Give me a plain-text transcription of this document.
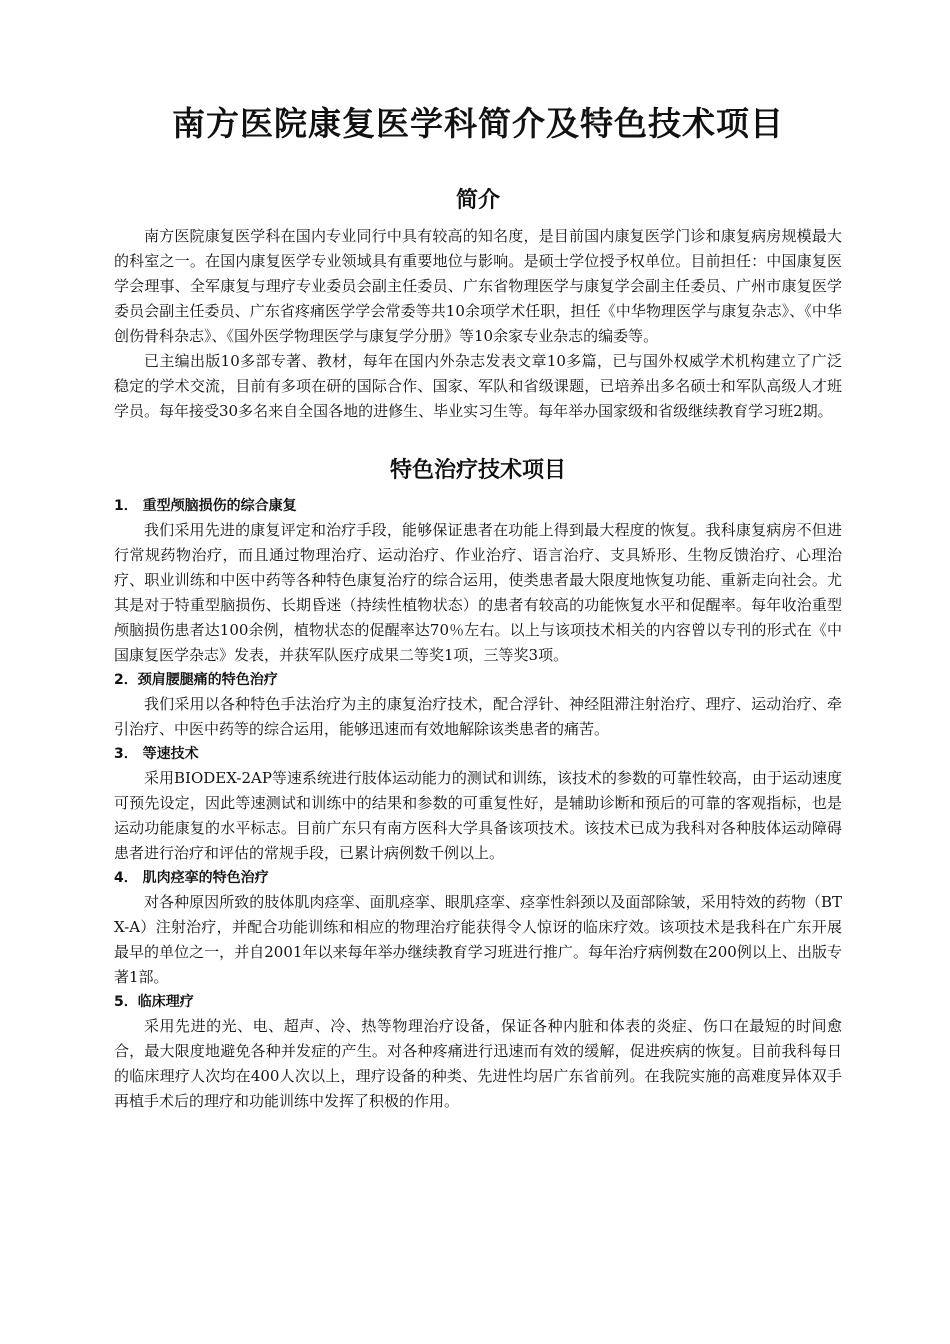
南方医院康复医学科简介及特色技术项目
简介

南方医院康复医学科在国内专业同行中具有较高的知名度，是目前国内康复医学门诊和康复病房规模最大的科室之一。在国内康复医学专业领域具有重要地位与影响。是硕士学位授予权单位。目前担任：中国康复医学会理事、全军康复与理疗专业委员会副主任委员、广东省物理医学与康复学会副主任委员、广州市康复医学委员会副主任委员、广东省疼痛医学学会常委等共10余项学术任职，担任《中华物理医学与康复杂志》、《中华创伤骨科杂志》、《国外医学物理医学与康复学分册》等10余家专业杂志的编委等。

已主编出版10多部专著、教材，每年在国内外杂志发表文章10多篇，已与国外权威学术机构建立了广泛稳定的学术交流，目前有多项在研的国际合作、国家、军队和省级课题，已培养出多名硕士和军队高级人才班学员。每年接受30多名来自全国各地的进修生、毕业实习生等。每年举办国家级和省级继续教育学习班2期。

特色治疗技术项目

1． 重型颅脑损伤的综合康复

我们采用先进的康复评定和治疗手段，能够保证患者在功能上得到最大程度的恢复。我科康复病房不但进行常规药物治疗，而且通过物理治疗、运动治疗、作业治疗、语言治疗、支具矫形、生物反馈治疗、心理治疗、职业训练和中医中药等各种特色康复治疗的综合运用，使类患者最大限度地恢复功能、重新走向社会。尤其是对于特重型脑损伤、长期昏迷（持续性植物状态）的患者有较高的功能恢复水平和促醒率。每年收治重型颅脑损伤患者达100余例，植物状态的促醒率达70％左右。以上与该项技术相关的内容曾以专刊的形式在《中国康复医学杂志》发表，并获军队医疗成果二等奖1项，三等奖3项。

2．颈肩腰腿痛的特色治疗

我们采用以各种特色手法治疗为主的康复治疗技术，配合浮针、神经阻滞注射治疗、理疗、运动治疗、牵引治疗、中医中药等的综合运用，能够迅速而有效地解除该类患者的痛苦。

3． 等速技术

采用BIODEX-2AP等速系统进行肢体运动能力的测试和训练，该技术的参数的可靠性较高，由于运动速度可预先设定，因此等速测试和训练中的结果和参数的可重复性好，是辅助诊断和预后的可靠的客观指标，也是运动功能康复的水平标志。目前广东只有南方医科大学具备该项技术。该技术已成为我科对各种肢体运动障碍患者进行治疗和评估的常规手段，已累计病例数千例以上。

4． 肌肉痉挛的特色治疗

对各种原因所致的肢体肌肉痉挛、面肌痉挛、眼肌痉挛、痉挛性斜颈以及面部除皱，采用特效的药物（BTX-A）注射治疗，并配合功能训练和相应的物理治疗能获得令人惊讶的临床疗效。该项技术是我科在广东开展最早的单位之一，并自2001年以来每年举办继续教育学习班进行推广。每年治疗病例数在200例以上、出版专著1部。

5．临床理疗

采用先进的光、电、超声、冷、热等物理治疗设备，保证各种内脏和体表的炎症、伤口在最短的时间愈合，最大限度地避免各种并发症的产生。对各种疼痛进行迅速而有效的缓解，促进疾病的恢复。目前我科每日的临床理疗人次均在400人次以上，理疗设备的种类、先进性均居广东省前列。在我院实施的高难度异体双手再植手术后的理疗和功能训练中发挥了积极的作用。
